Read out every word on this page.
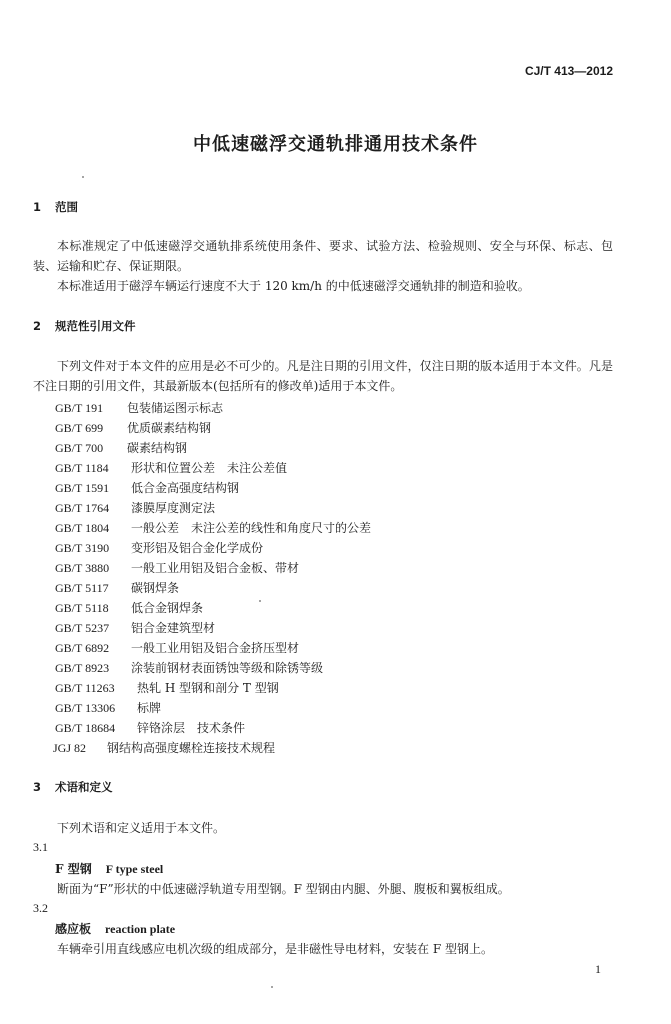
CJ/T 413—2012
中低速磁浮交通轨排通用技术条件
1 范围
本标准规定了中低速磁浮交通轨排系统使用条件、要求、试验方法、检验规则、安全与环保、标志、包装、运输和贮存、保证期限。
本标准适用于磁浮车辆运行速度不大于 120 km/h 的中低速磁浮交通轨排的制造和验收。
2 规范性引用文件
下列文件对于本文件的应用是必不可少的。凡是注日期的引用文件，仅注日期的版本适用于本文件。凡是不注日期的引用文件，其最新版本(包括所有的修改单)适用于本文件。
GB/T 191 包装储运图示标志
GB/T 699 优质碳素结构钢
GB/T 700 碳素结构钢
GB/T 1184 形状和位置公差　未注公差值
GB/T 1591 低合金高强度结构钢
GB/T 1764 漆膜厚度测定法
GB/T 1804 一般公差　未注公差的线性和角度尺寸的公差
GB/T 3190 变形铝及铝合金化学成份
GB/T 3880 一般工业用铝及铝合金板、带材
GB/T 5117 碳钢焊条
GB/T 5118 低合金钢焊条
GB/T 5237 铝合金建筑型材
GB/T 6892 一般工业用铝及铝合金挤压型材
GB/T 8923 涂装前钢材表面锈蚀等级和除锈等级
GB/T 11263 热轧 H 型钢和剖分 T 型钢
GB/T 13306 标牌
GB/T 18684 锌铬涂层　技术条件
JGJ 82 钢结构高强度螺栓连接技术规程
3 术语和定义
下列术语和定义适用于本文件。
3.1
F 型钢 F type steel
断面为“F”形状的中低速磁浮轨道专用型钢。F 型钢由内腿、外腿、腹板和翼板组成。
3.2
感应板 reaction plate
车辆牵引用直线感应电机次级的组成部分，是非磁性导电材料，安装在 F 型钢上。
1
